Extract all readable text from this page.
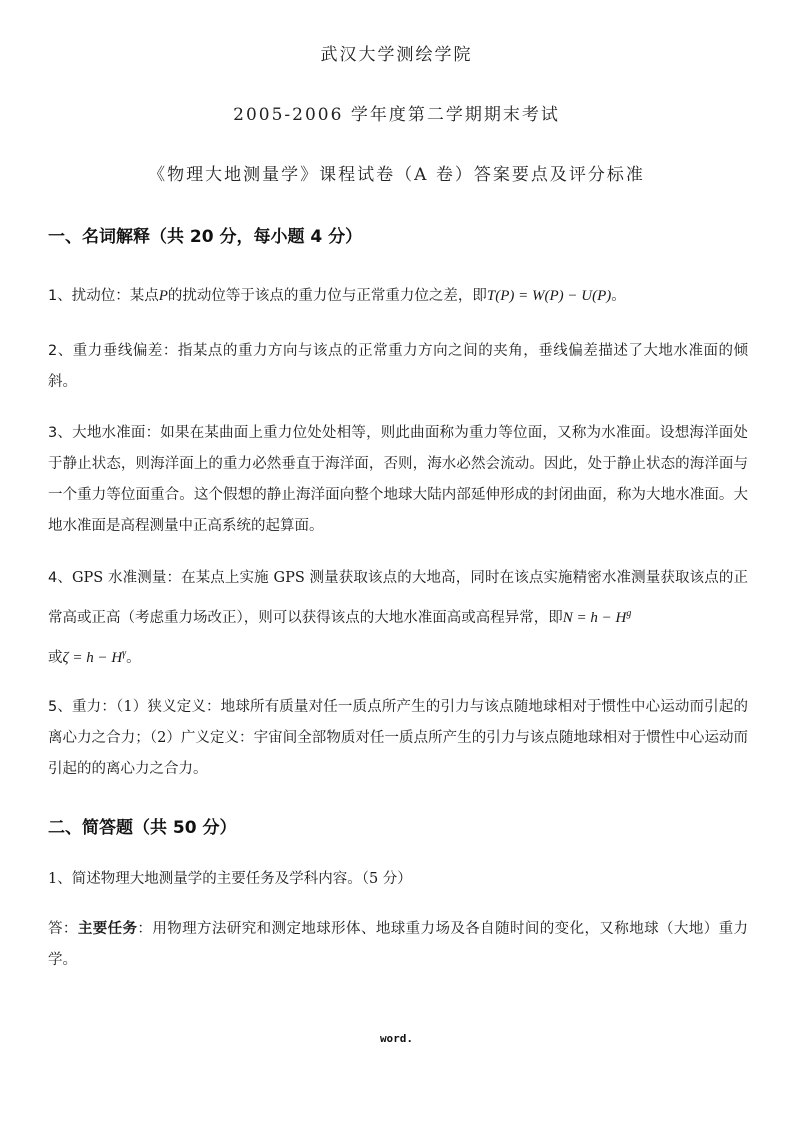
武汉大学测绘学院
2005-2006 学年度第二学期期末考试
《物理大地测量学》课程试卷（A 卷）答案要点及评分标准
一、名词解释（共 20 分，每小题 4 分）
1、扰动位：某点P的扰动位等于该点的重力位与正常重力位之差，即T(P) = W(P) − U(P)。
2、重力垂线偏差：指某点的重力方向与该点的正常重力方向之间的夹角，垂线偏差描述了大地水准面的倾斜。
3、大地水准面：如果在某曲面上重力位处处相等，则此曲面称为重力等位面，又称为水准面。设想海洋面处于静止状态，则海洋面上的重力必然垂直于海洋面，否则，海水必然会流动。因此，处于静止状态的海洋面与一个重力等位面重合。这个假想的静止海洋面向整个地球大陆内部延伸形成的封闭曲面，称为大地水准面。大地水准面是高程测量中正高系统的起算面。
4、GPS 水准测量：在某点上实施 GPS 测量获取该点的大地高，同时在该点实施精密水准测量获取该点的正常高或正高（考虑重力场改正），则可以获得该点的大地水准面高或高程异常，即$N = h - H^g$
或$\zeta = h - H^\gamma$。
5、重力：（1）狭义定义：地球所有质量对任一质点所产生的引力与该点随地球相对于惯性中心运动而引起的离心力之合力；（2）广义定义：宇宙间全部物质对任一质点所产生的引力与该点随地球相对于惯性中心运动而引起的的离心力之合力。
二、简答题（共 50 分）
1、简述物理大地测量学的主要任务及学科内容。（5 分）
答：主要任务：用物理方法研究和测定地球形体、地球重力场及各自随时间的变化，又称地球（大地）重力学。
word.
